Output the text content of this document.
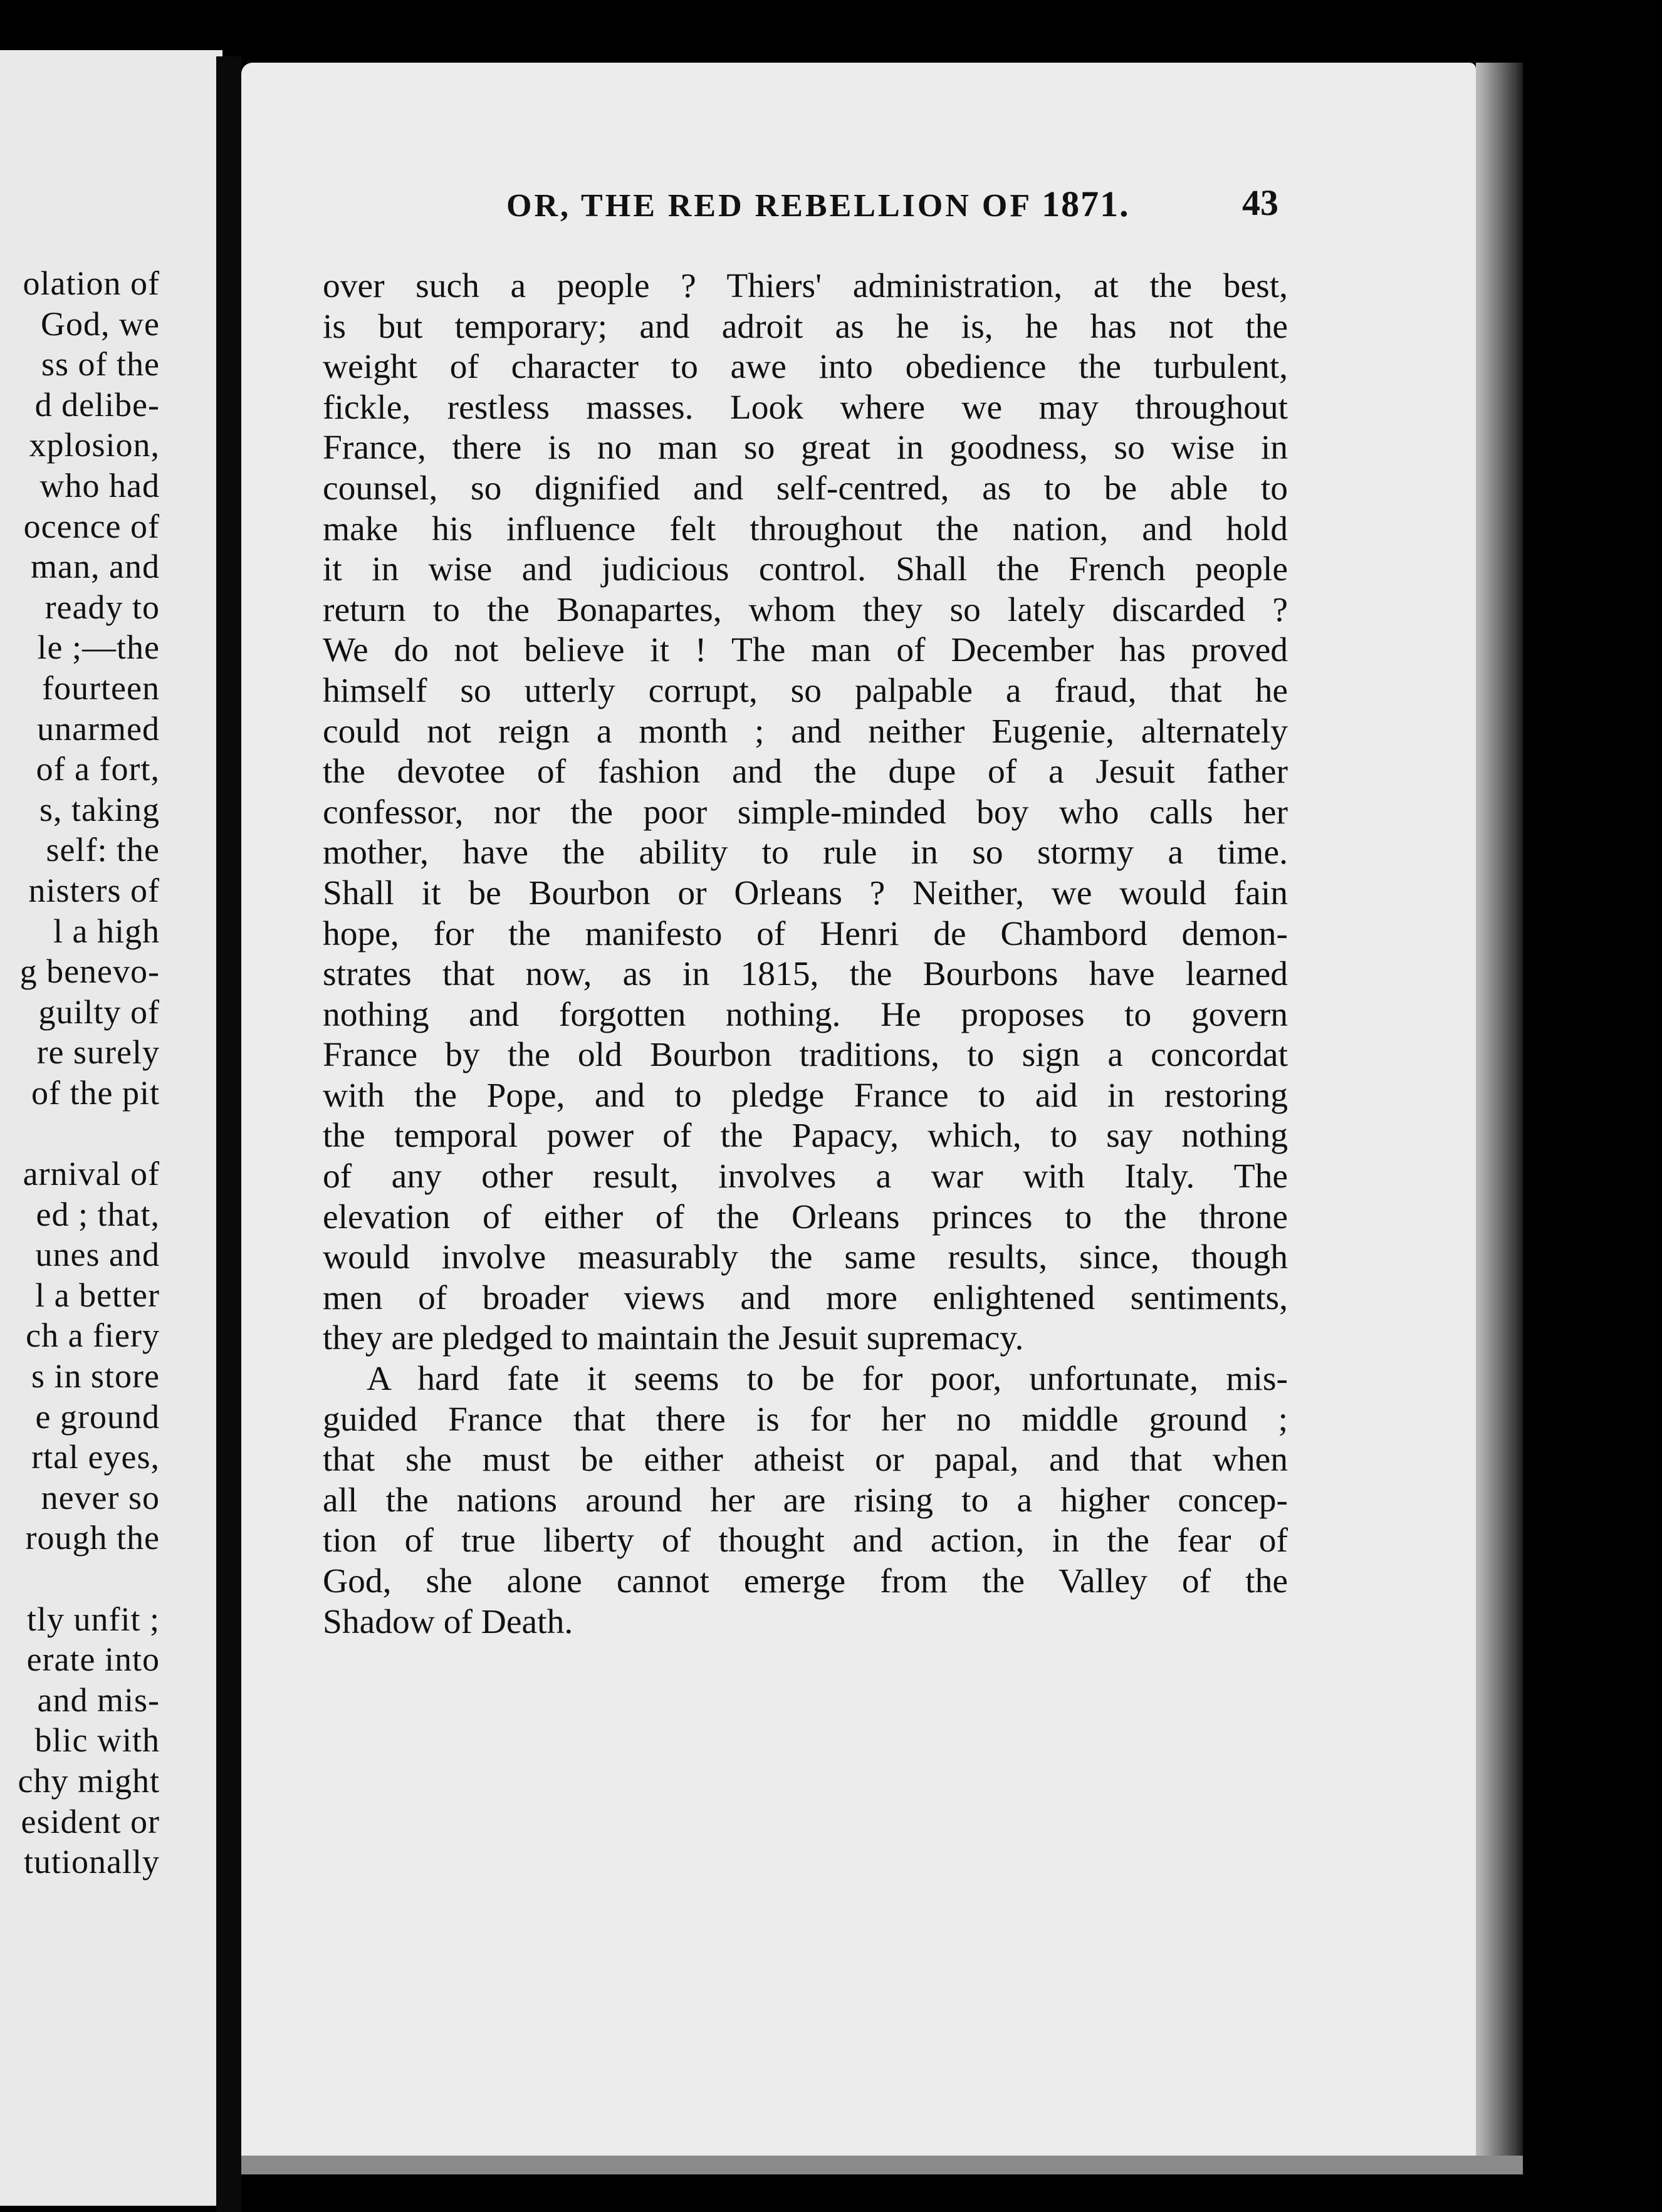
olation of
God, we
ss of the
d delibe-
xplosion,
who had
ocence of
man, and
ready to
le ;—the
fourteen
unarmed
of a fort,
s, taking
self: the
nisters of
l a high
g benevo-
guilty of
re surely
of the pit
arnival of
ed ; that,
unes and
l a better
ch a fiery
s in store
e ground
rtal eyes,
never so
rough the
tly unfit ;
erate into
and mis-
blic with
chy might
esident or
tutionally
OR, THE RED REBELLION OF 1871.	43
over such a people ? Thiers' administration, at the best,
is but temporary; and adroit as he is, he has not the
weight of character to awe into obedience the turbulent,
fickle, restless masses. Look where we may throughout
France, there is no man so great in goodness, so wise in
counsel, so dignified and self-centred, as to be able to
make his influence felt throughout the nation, and hold
it in wise and judicious control. Shall the French people
return to the Bonapartes, whom they so lately discarded ?
We do not believe it ! The man of December has proved
himself so utterly corrupt, so palpable a fraud, that he
could not reign a month ; and neither Eugenie, alternately
the devotee of fashion and the dupe of a Jesuit father
confessor, nor the poor simple-minded boy who calls her
mother, have the ability to rule in so stormy a time.
Shall it be Bourbon or Orleans ? Neither, we would fain
hope, for the manifesto of Henri de Chambord demon-
strates that now, as in 1815, the Bourbons have learned
nothing and forgotten nothing. He proposes to govern
France by the old Bourbon traditions, to sign a concordat
with the Pope, and to pledge France to aid in restoring
the temporal power of the Papacy, which, to say nothing
of any other result, involves a war with Italy. The
elevation of either of the Orleans princes to the throne
would involve measurably the same results, since, though
men of broader views and more enlightened sentiments,
they are pledged to maintain the Jesuit supremacy.
A hard fate it seems to be for poor, unfortunate, mis-
guided France that there is for her no middle ground ;
that she must be either atheist or papal, and that when
all the nations around her are rising to a higher concep-
tion of true liberty of thought and action, in the fear of
God, she alone cannot emerge from the Valley of the
Shadow of Death.
